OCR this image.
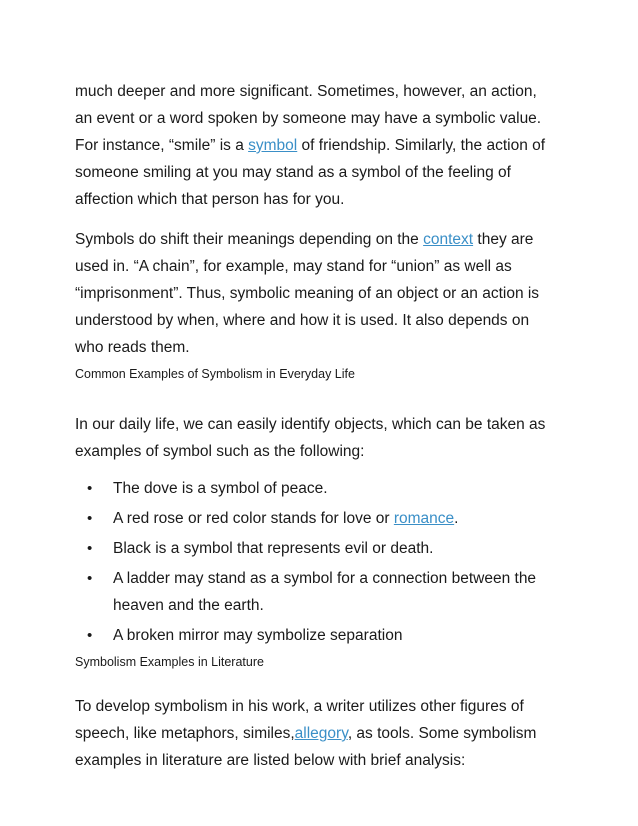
much deeper and more significant. Sometimes, however, an action,
an event or a word spoken by someone may have a symbolic value.
For instance, “smile” is a symbol of friendship. Similarly, the action of
someone smiling at you may stand as a symbol of the feeling of
affection which that person has for you.

Symbols do shift their meanings depending on the context they are
used in. “A chain”, for example, may stand for “union” as well as
“imprisonment”. Thus, symbolic meaning of an object or an action is
understood by when, where and how it is used. It also depends on
who reads them.

Common Examples of Symbolism in Everyday Life

In our daily life, we can easily identify objects, which can be taken as
examples of symbol such as the following:

• The dove is a symbol of peace.
• A red rose or red color stands for love or romance.
• Black is a symbol that represents evil or death.
• A ladder may stand as a symbol for a connection between the
heaven and the earth.
• A broken mirror may symbolize separation

Symbolism Examples in Literature

To develop symbolism in his work, a writer utilizes other figures of
speech, like metaphors, similes,allegory, as tools. Some symbolism
examples in literature are listed below with brief analysis:
